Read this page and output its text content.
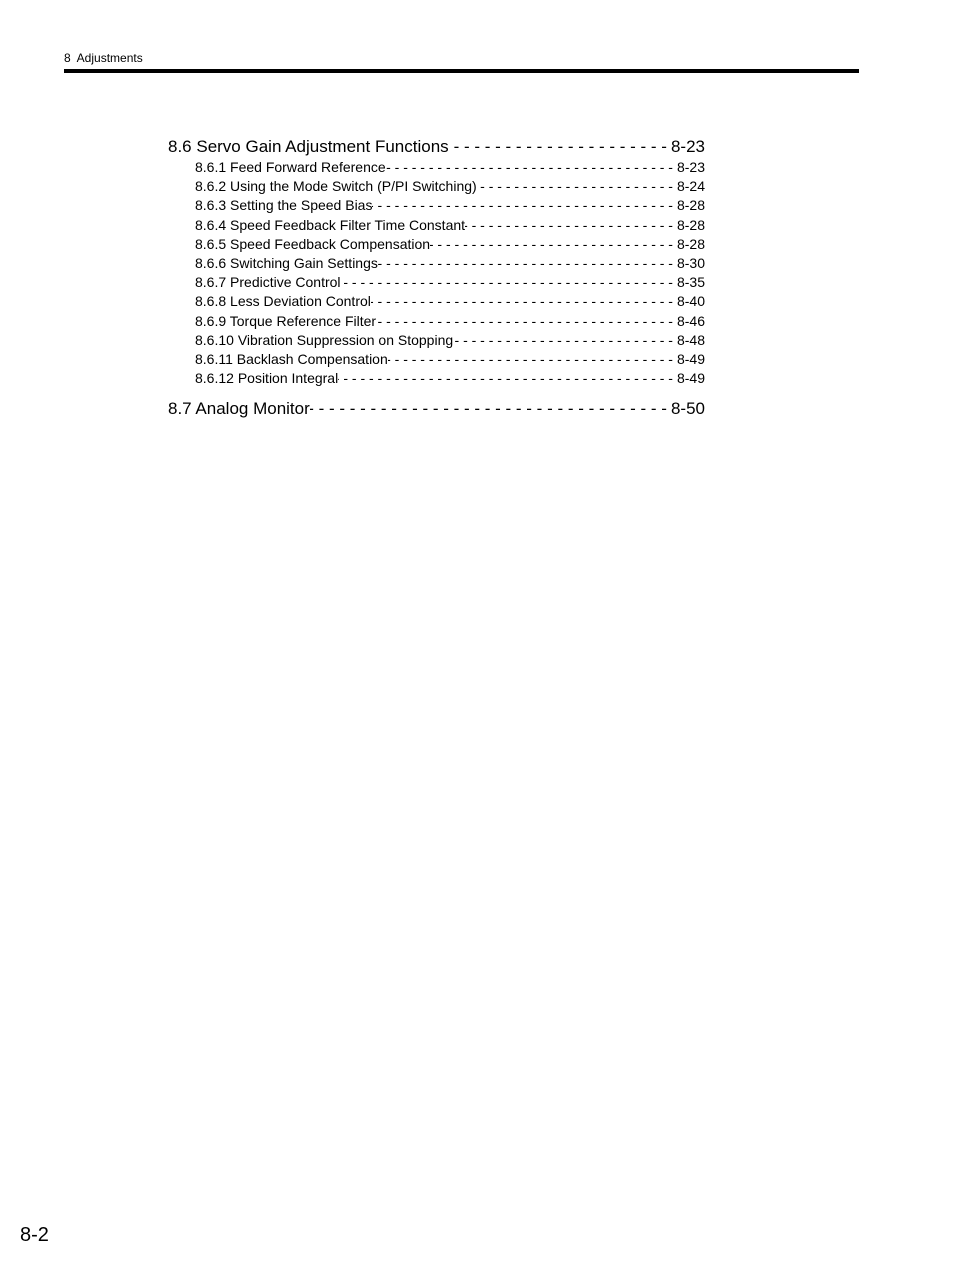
8  Adjustments
8.6 Servo Gain Adjustment Functions - - -	8-23
8.6.1 Feed Forward Reference - - -	8-23
8.6.2 Using the Mode Switch (P/PI Switching) - - -	8-24
8.6.3 Setting the Speed Bias - - -	8-28
8.6.4 Speed Feedback Filter Time Constant - - -	8-28
8.6.5 Speed Feedback Compensation - - -	8-28
8.6.6 Switching Gain Settings - - -	8-30
8.6.7 Predictive Control - - -	8-35
8.6.8 Less Deviation Control - - -	8-40
8.6.9 Torque Reference Filter - - -	8-46
8.6.10 Vibration Suppression on Stopping - - -	8-48
8.6.11 Backlash Compensation - - -	8-49
8.6.12 Position Integral - - -	8-49
8.7 Analog Monitor - - -	8-50
8-2
